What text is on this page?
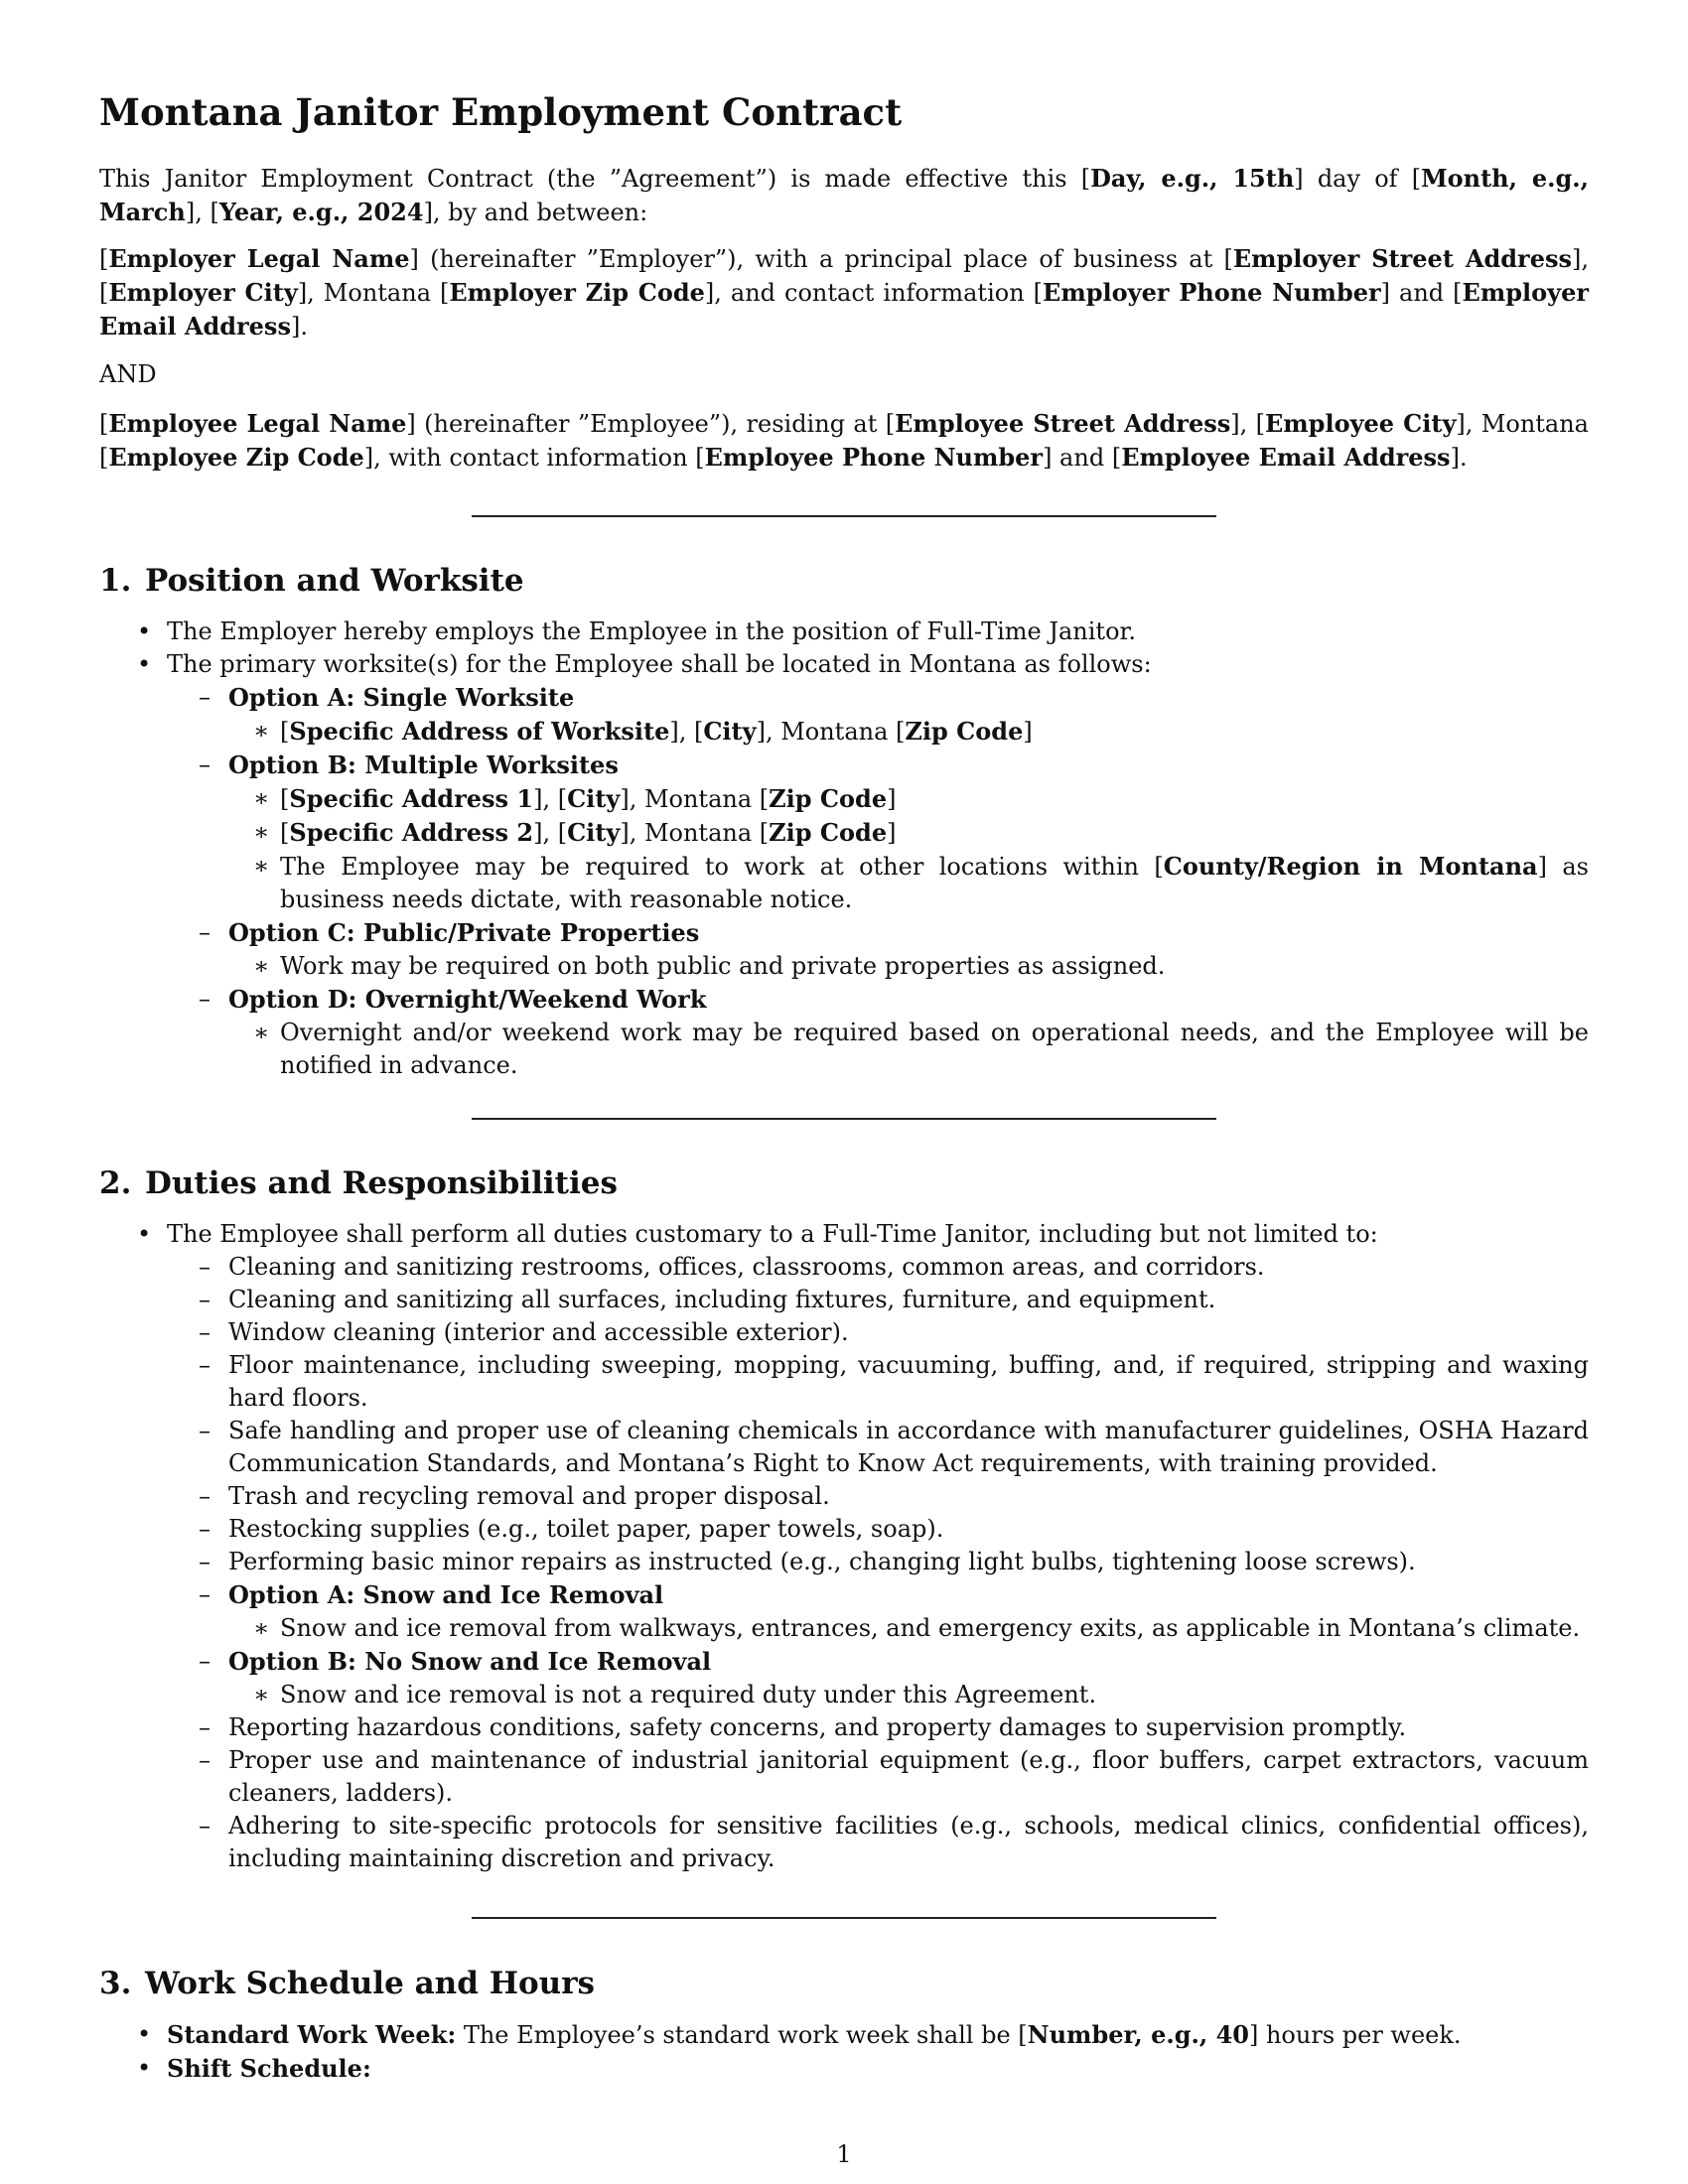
Montana Janitor Employment Contract

This Janitor Employment Contract (the ”Agreement”) is made effective this [Day, e.g., 15th] day of [Month, e.g., March], [Year, e.g., 2024], by and between:

[Employer Legal Name] (hereinafter ”Employer”), with a principal place of business at [Employer Street Address], [Employer City], Montana [Employer Zip Code], and contact information [Employer Phone Number] and [Employer Email Address].

AND

[Employee Legal Name] (hereinafter ”Employee”), residing at [Employee Street Address], [Employee City], Montana [Employee Zip Code], with contact information [Employee Phone Number] and [Employee Email Address].

1. Position and Worksite
• The Employer hereby employs the Employee in the position of Full-Time Janitor.
• The primary worksite(s) for the Employee shall be located in Montana as follows:
– Option A: Single Worksite
∗ [Specific Address of Worksite], [City], Montana [Zip Code]
– Option B: Multiple Worksites
∗ [Specific Address 1], [City], Montana [Zip Code]
∗ [Specific Address 2], [City], Montana [Zip Code]
∗ The Employee may be required to work at other locations within [County/Region in Montana] as business needs dictate, with reasonable notice.
– Option C: Public/Private Properties
∗ Work may be required on both public and private properties as assigned.
– Option D: Overnight/Weekend Work
∗ Overnight and/or weekend work may be required based on operational needs, and the Employee will be notified in advance.
2. Duties and Responsibilities
• The Employee shall perform all duties customary to a Full-Time Janitor, including but not limited to:
– Cleaning and sanitizing restrooms, offices, classrooms, common areas, and corridors.
– Cleaning and sanitizing all surfaces, including fixtures, furniture, and equipment.
– Window cleaning (interior and accessible exterior).
– Floor maintenance, including sweeping, mopping, vacuuming, buffing, and, if required, stripping and waxing hard floors.
– Safe handling and proper use of cleaning chemicals in accordance with manufacturer guidelines, OSHA Hazard Communication Standards, and Montana’s Right to Know Act requirements, with training provided.
– Trash and recycling removal and proper disposal.
– Restocking supplies (e.g., toilet paper, paper towels, soap).
– Performing basic minor repairs as instructed (e.g., changing light bulbs, tightening loose screws).
– Option A: Snow and Ice Removal
∗ Snow and ice removal from walkways, entrances, and emergency exits, as applicable in Montana’s climate.
– Option B: No Snow and Ice Removal
∗ Snow and ice removal is not a required duty under this Agreement.
– Reporting hazardous conditions, safety concerns, and property damages to supervision promptly.
– Proper use and maintenance of industrial janitorial equipment (e.g., floor buffers, carpet extractors, vacuum cleaners, ladders).
– Adhering to site-specific protocols for sensitive facilities (e.g., schools, medical clinics, confidential offices), including maintaining discretion and privacy.
3. Work Schedule and Hours
• Standard Work Week: The Employee’s standard work week shall be [Number, e.g., 40] hours per week.
• Shift Schedule:
1
